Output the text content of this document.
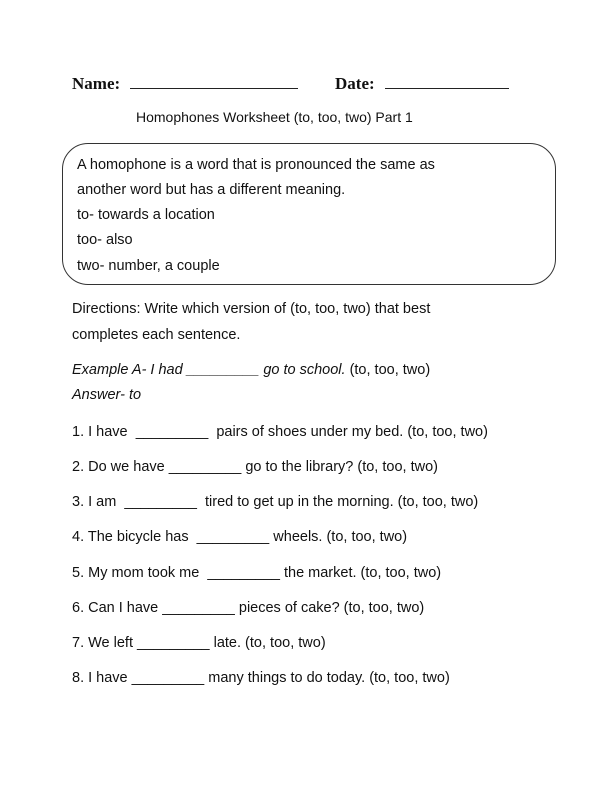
Name:	Date:
Homophones Worksheet (to, too, two) Part 1
A homophone is a word that is pronounced the same as
another word but has a different meaning.
to- towards a location
too- also
two- number, a couple
Directions: Write which version of (to, too, two) that best
completes each sentence.
Example A- I had _________ go to school. (to, too, two)
Answer- to
1. I have  _________  pairs of shoes under my bed. (to, too, two)
2. Do we have _________ go to the library? (to, too, two)
3. I am  _________  tired to get up in the morning. (to, too, two)
4. The bicycle has  _________ wheels. (to, too, two)
5. My mom took me  _________ the market. (to, too, two)
6. Can I have _________ pieces of cake? (to, too, two)
7. We left _________ late. (to, too, two)
8. I have _________ many things to do today. (to, too, two)
